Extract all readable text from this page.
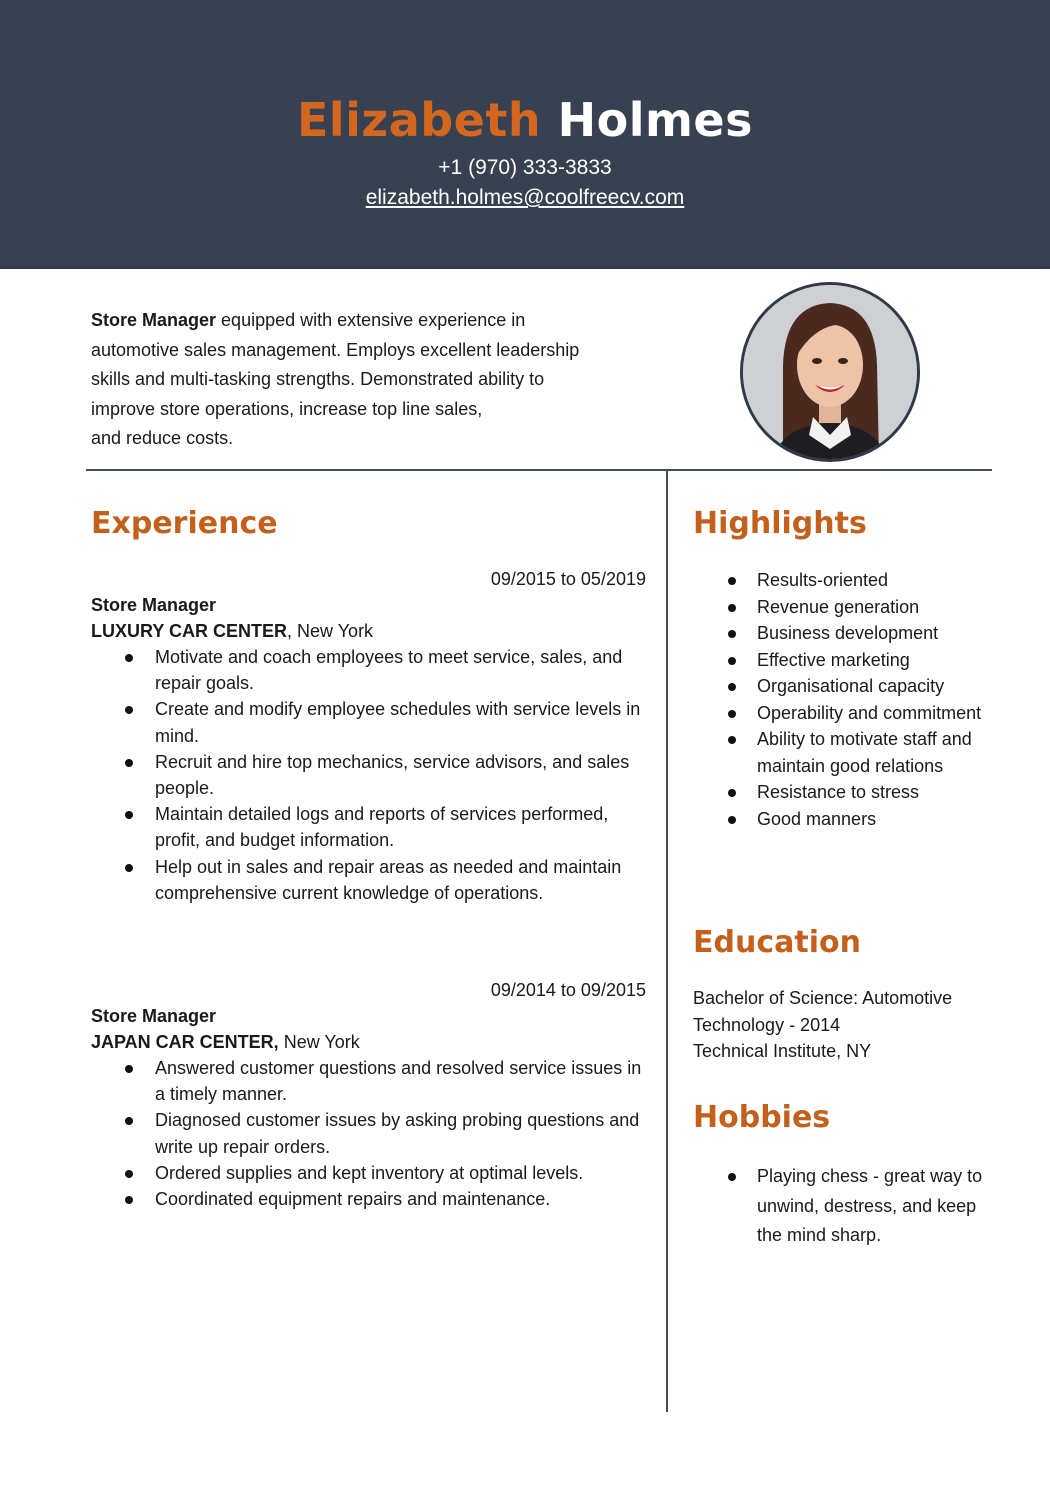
Elizabeth Holmes
+1 (970) 333-3833
elizabeth.holmes@coolfreecv.com
Store Manager equipped with extensive experience in
automotive sales management. Employs excellent leadership
skills and multi-tasking strengths. Demonstrated ability to
improve store operations, increase top line sales,
and reduce costs.
Experience
09/2015 to 05/2019
Store Manager
LUXURY CAR CENTER, New York
Motivate and coach employees to meet service, sales, and repair goals.
Create and modify employee schedules with service levels in mind.
Recruit and hire top mechanics, service advisors, and sales people.
Maintain detailed logs and reports of services performed, profit, and budget information.
Help out in sales and repair areas as needed and maintain comprehensive current knowledge of operations.
09/2014 to 09/2015
Store Manager
JAPAN CAR CENTER, New York
Answered customer questions and resolved service issues in a timely manner.
Diagnosed customer issues by asking probing questions and write up repair orders.
Ordered supplies and kept inventory at optimal levels.
Coordinated equipment repairs and maintenance.
Highlights
Results-oriented
Revenue generation
Business development
Effective marketing
Organisational capacity
Operability and commitment
Ability to motivate staff and maintain good relations
Resistance to stress
Good manners
Education
Bachelor of Science: Automotive
Technology - 2014
Technical Institute, NY
Hobbies
Playing chess - great way to unwind, destress, and keep the mind sharp.
